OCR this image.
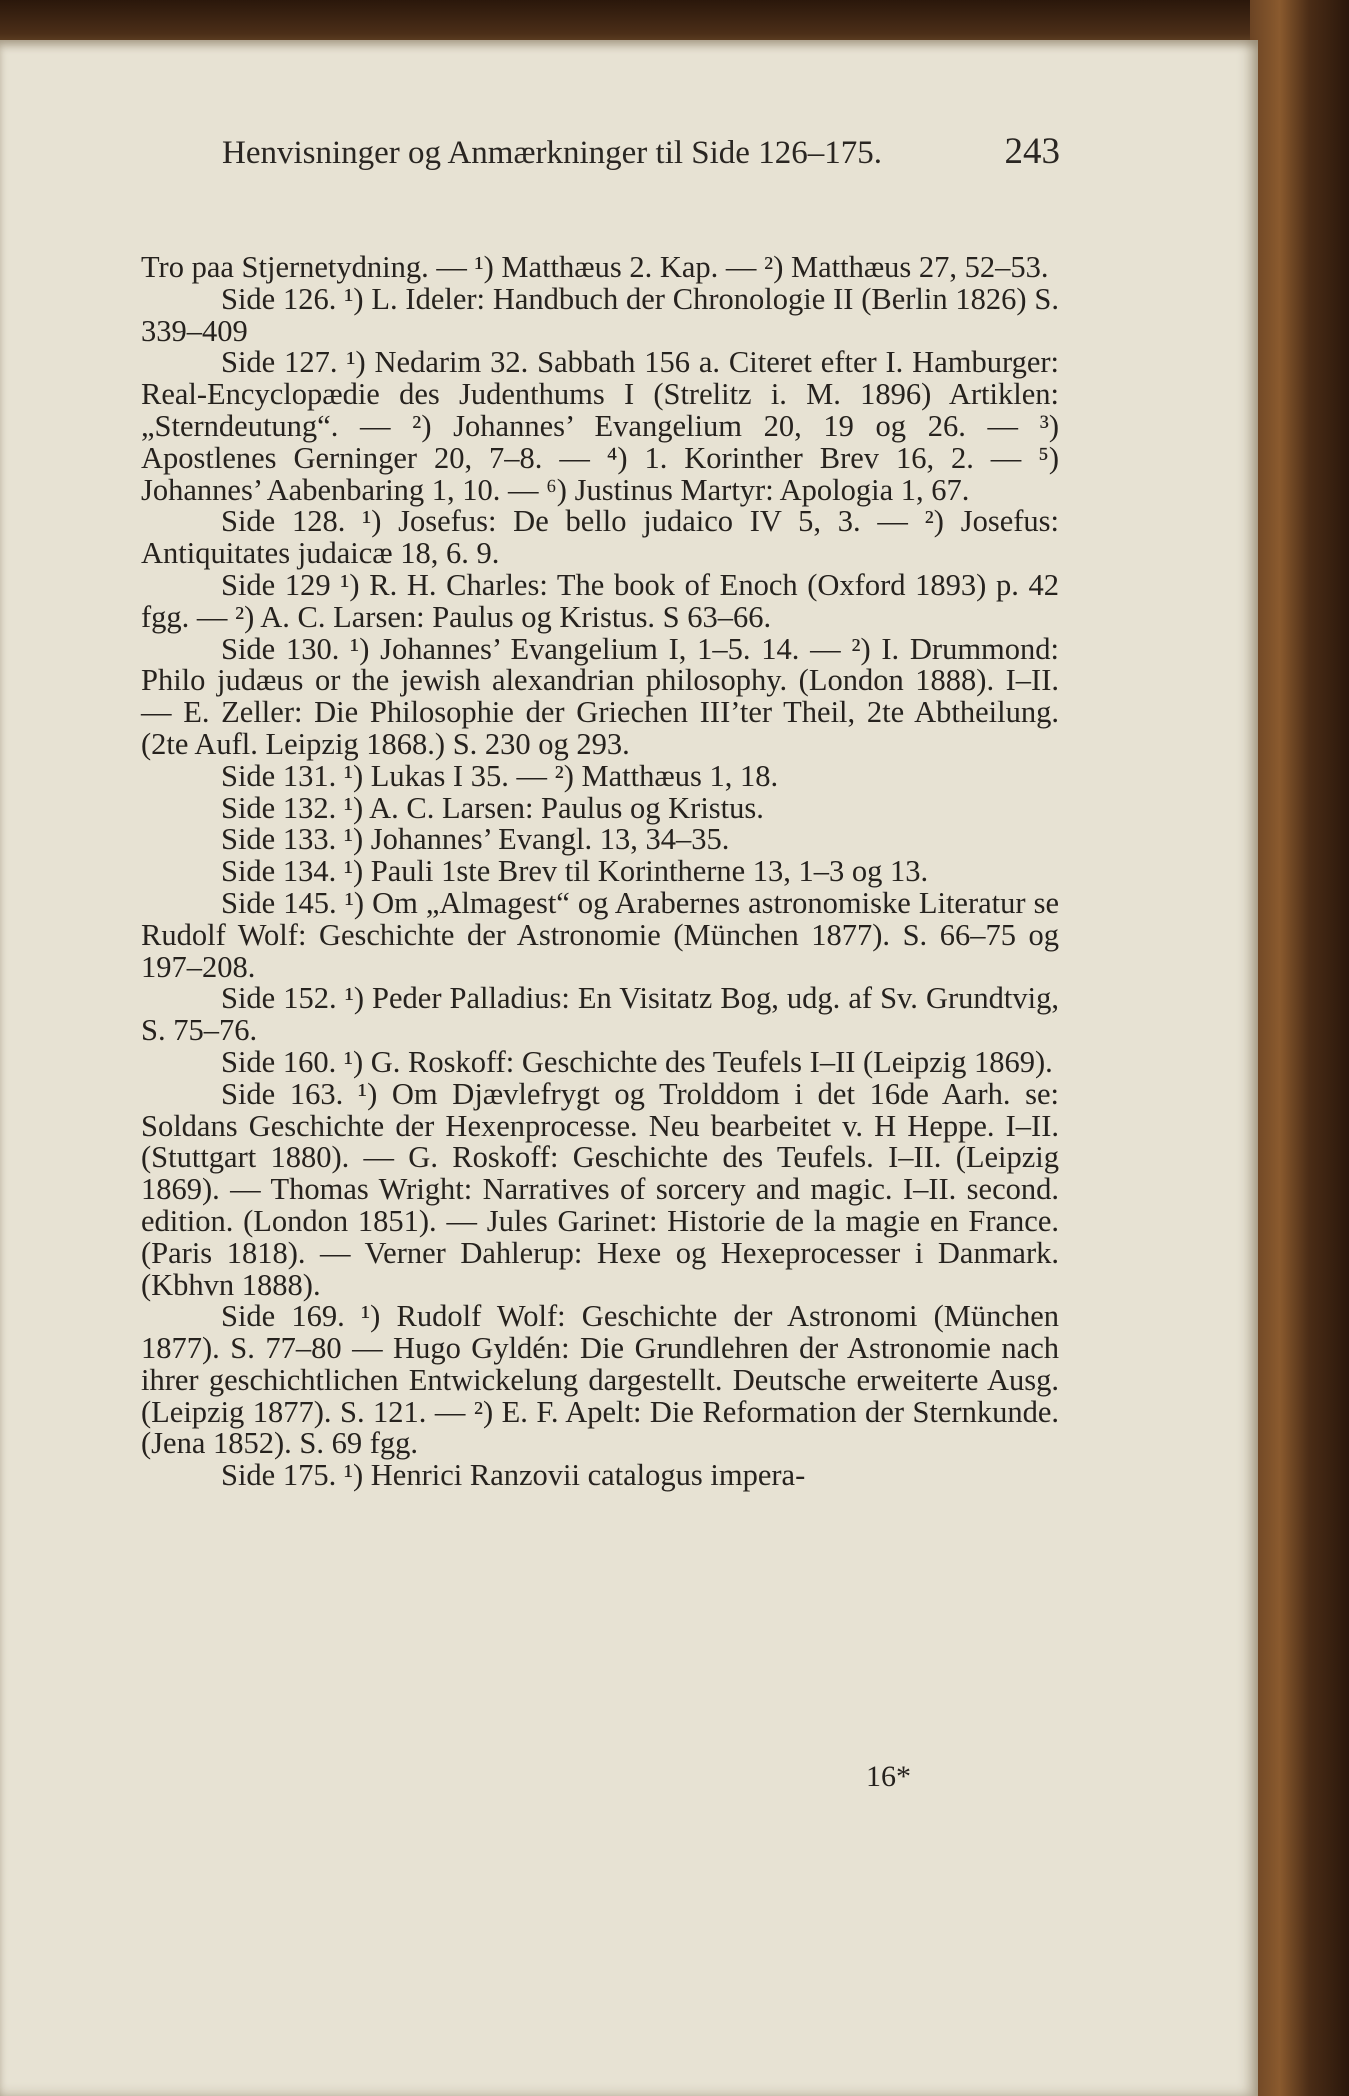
Henvisninger og Anmærkninger til Side 126–175.	243

Tro paa Stjernetydning. — ¹) Matthæus 2. Kap. — ²) Matthæus 27, 52–53.

Side 126. ¹) L. Ideler: Handbuch der Chronologie II (Berlin 1826) S. 339–409

Side 127. ¹) Nedarim 32. Sabbath 156 a. Citeret efter I. Hamburger: Real-Encyclopædie des Judenthums I (Strelitz i. M. 1896) Artiklen: „Sterndeutung“. — ²) Johannes’ Evangelium 20, 19 og 26. — ³) Apostlenes Gerninger 20, 7–8. — ⁴) 1. Korinther Brev 16, 2. — ⁵) Johannes’ Aabenbaring 1, 10. — ⁶) Justinus Martyr: Apologia 1, 67.

Side 128. ¹) Josefus: De bello judaico IV 5, 3. — ²) Josefus: Antiquitates judaicæ 18, 6. 9.

Side 129 ¹) R. H. Charles: The book of Enoch (Oxford 1893) p. 42 fgg. — ²) A. C. Larsen: Paulus og Kristus. S 63–66.

Side 130. ¹) Johannes’ Evangelium I, 1–5. 14. — ²) I. Drummond: Philo judæus or the jewish alexandrian philosophy. (London 1888). I–II. — E. Zeller: Die Philosophie der Griechen III’ter Theil, 2te Abtheilung. (2te Aufl. Leipzig 1868.) S. 230 og 293.

Side 131. ¹) Lukas I 35. — ²) Matthæus 1, 18.

Side 132. ¹) A. C. Larsen: Paulus og Kristus.

Side 133. ¹) Johannes’ Evangl. 13, 34–35.

Side 134. ¹) Pauli 1ste Brev til Korintherne 13, 1–3 og 13.

Side 145. ¹) Om „Almagest“ og Arabernes astronomiske Literatur se Rudolf Wolf: Geschichte der Astronomie (München 1877). S. 66–75 og 197–208.

Side 152. ¹) Peder Palladius: En Visitatz Bog, udg. af Sv. Grundtvig, S. 75–76.

Side 160. ¹) G. Roskoff: Geschichte des Teufels I–II (Leipzig 1869).

Side 163. ¹) Om Djævlefrygt og Trolddom i det 16de Aarh. se: Soldans Geschichte der Hexenprocesse. Neu bearbeitet v. H Heppe. I–II. (Stuttgart 1880). — G. Roskoff: Geschichte des Teufels. I–II. (Leipzig 1869). — Thomas Wright: Narratives of sorcery and magic. I–II. second. edition. (London 1851). — Jules Garinet: Historie de la magie en France. (Paris 1818). — Verner Dahlerup: Hexe og Hexeprocesser i Danmark. (Kbhvn 1888).

Side 169. ¹) Rudolf Wolf: Geschichte der Astronomi (München 1877). S. 77–80 — Hugo Gyldén: Die Grundlehren der Astronomie nach ihrer geschichtlichen Entwickelung dargestellt. Deutsche erweiterte Ausg. (Leipzig 1877). S. 121. — ²) E. F. Apelt: Die Reformation der Sternkunde. (Jena 1852). S. 69 fgg.

Side 175. ¹) Henrici Ranzovii catalogus impera-

16*
